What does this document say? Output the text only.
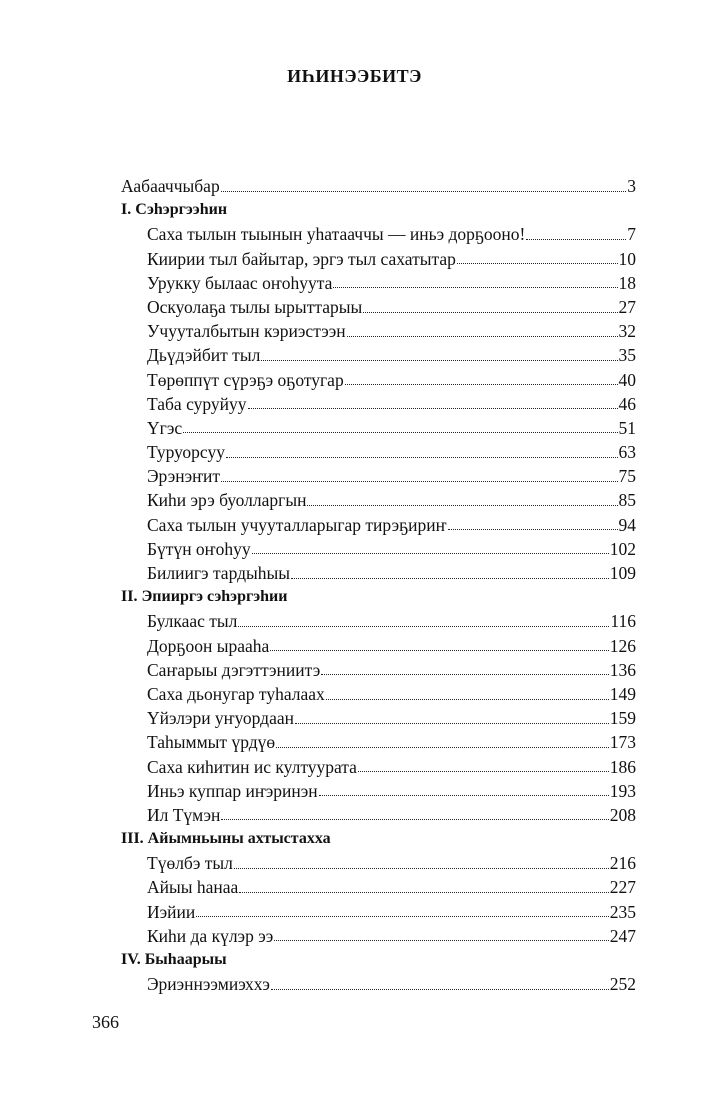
ИҺИНЭЭБИТЭ
Аабааччыбар	3
I. Сэһэргээһин
Саха тылын тыынын уһатааччы — иньэ дорҕооно!	7
Киирии тыл байытар, эргэ тыл сахатытар	10
Урукку былаас оҥоһуута	18
Оскуолаҕа тылы ырыттарыы	27
Учууталбытын кэриэстээн	32
Дьүдэйбит тыл	35
Төрөппүт сүрэҕэ оҕотугар	40
Таба суруйуу	46
Үгэс	51
Туруорсуу	63
Эрэнэҥит	75
Киһи эрэ буолларгын	85
Саха тылын учууталларыгар тирэҕириҥ	94
Бүтүн оҥоһуу	102
Билиигэ тардыһыы	109
II. Эпииргэ сэһэргэһии
Булкаас тыл	116
Дорҕоон ырааһа	126
Саҥарыы дэгэттэниитэ	136
Саха дьонугар туһалаах	149
Үйэлэри уҥуордаан	159
Таһыммыт үрдүө	173
Саха киһитин ис култуурата	186
Иньэ куппар иҥэринэн	193
Ил Түмэн	208
III. Айымньыны ахтыстахха
Түөлбэ тыл	216
Айыы һанаа	227
Иэйии	235
Киһи да күлэр ээ	247
IV. Быһаарыы
Эриэннээмиэххэ	252
366
